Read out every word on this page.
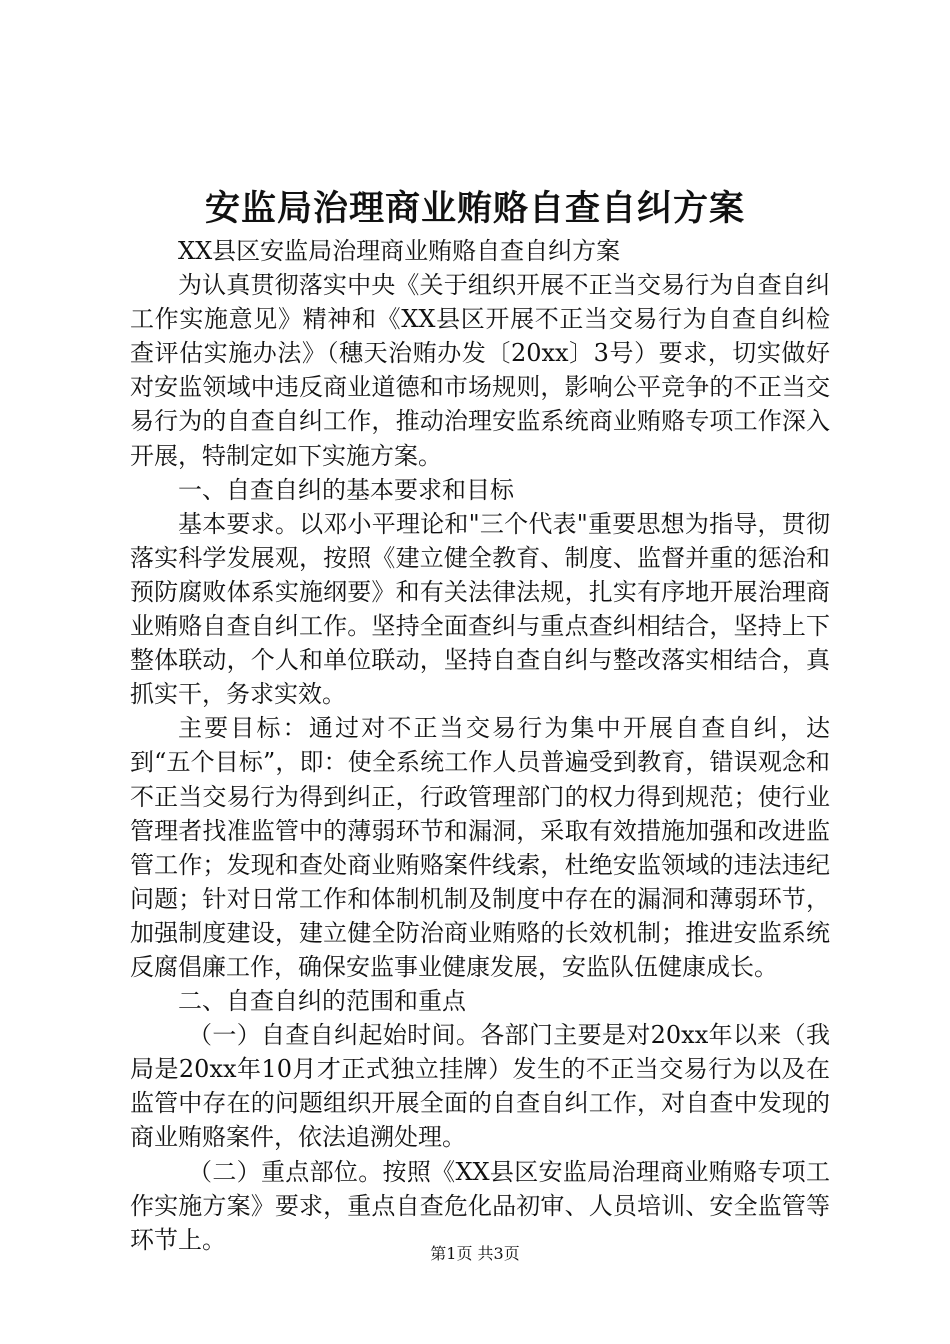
安监局治理商业贿赂自查自纠方案

XX县区安监局治理商业贿赂自查自纠方案

为认真贯彻落实中央《关于组织开展不正当交易行为自查自纠工作实施意见》精神和《XX县区开展不正当交易行为自查自纠检查评估实施办法》（穗天治贿办发〔20xx〕3号）要求，切实做好对安监领域中违反商业道德和市场规则，影响公平竞争的不正当交易行为的自查自纠工作，推动治理安监系统商业贿赂专项工作深入开展，特制定如下实施方案。

一、自查自纠的基本要求和目标

基本要求。以邓小平理论和"三个代表"重要思想为指导，贯彻落实科学发展观，按照《建立健全教育、制度、监督并重的惩治和预防腐败体系实施纲要》和有关法律法规，扎实有序地开展治理商业贿赂自查自纠工作。坚持全面查纠与重点查纠相结合，坚持上下整体联动，个人和单位联动，坚持自查自纠与整改落实相结合，真抓实干，务求实效。

主要目标：通过对不正当交易行为集中开展自查自纠，达到“五个目标”，即：使全系统工作人员普遍受到教育，错误观念和不正当交易行为得到纠正，行政管理部门的权力得到规范；使行业管理者找准监管中的薄弱环节和漏洞，采取有效措施加强和改进监管工作；发现和查处商业贿赂案件线索，杜绝安监领域的违法违纪问题；针对日常工作和体制机制及制度中存在的漏洞和薄弱环节，加强制度建设，建立健全防治商业贿赂的长效机制；推进安监系统反腐倡廉工作，确保安监事业健康发展，安监队伍健康成长。

二、自查自纠的范围和重点

（一）自查自纠起始时间。各部门主要是对20xx年以来（我局是20xx年10月才正式独立挂牌）发生的不正当交易行为以及在监管中存在的问题组织开展全面的自查自纠工作，对自查中发现的商业贿赂案件，依法追溯处理。

（二）重点部位。按照《XX县区安监局治理商业贿赂专项工作实施方案》要求，重点自查危化品初审、人员培训、安全监管等环节上。	第1页 共3页
